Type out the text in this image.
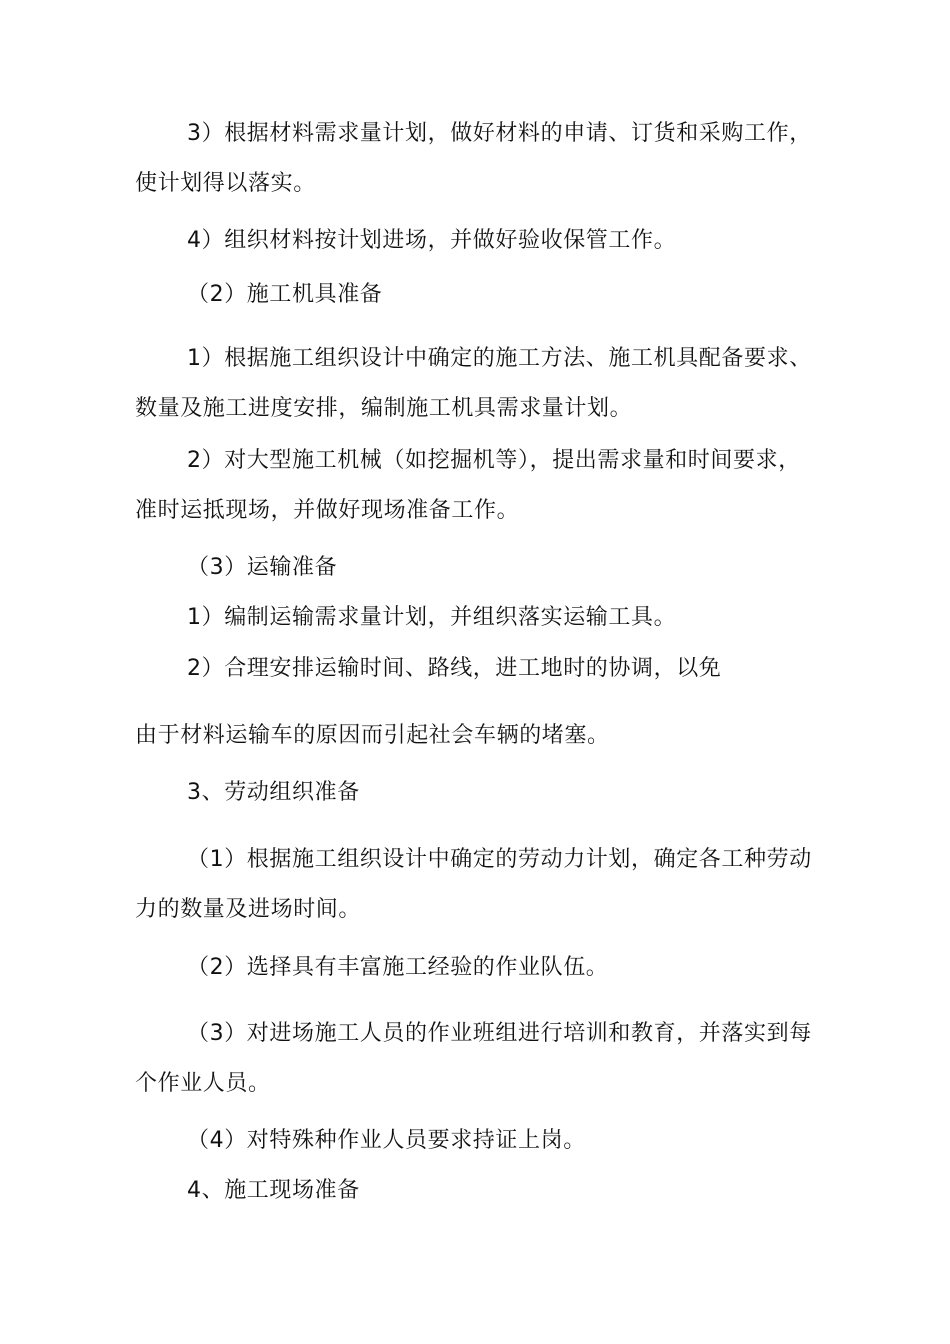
3）根据材料需求量计划，做好材料的申请、订货和采购工作，
使计划得以落实。
4）组织材料按计划进场，并做好验收保管工作。
（2）施工机具准备
1）根据施工组织设计中确定的施工方法、施工机具配备要求、
数量及施工进度安排，编制施工机具需求量计划。
2）对大型施工机械（如挖掘机等），提出需求量和时间要求，
准时运抵现场，并做好现场准备工作。
（3）运输准备
1）编制运输需求量计划，并组织落实运输工具。
2）合理安排运输时间、路线，进工地时的协调，以免
由于材料运输车的原因而引起社会车辆的堵塞。
3、劳动组织准备
（1）根据施工组织设计中确定的劳动力计划，确定各工种劳动
力的数量及进场时间。
（2）选择具有丰富施工经验的作业队伍。
（3）对进场施工人员的作业班组进行培训和教育，并落实到每
个作业人员。
（4）对特殊种作业人员要求持证上岗。
4、施工现场准备
